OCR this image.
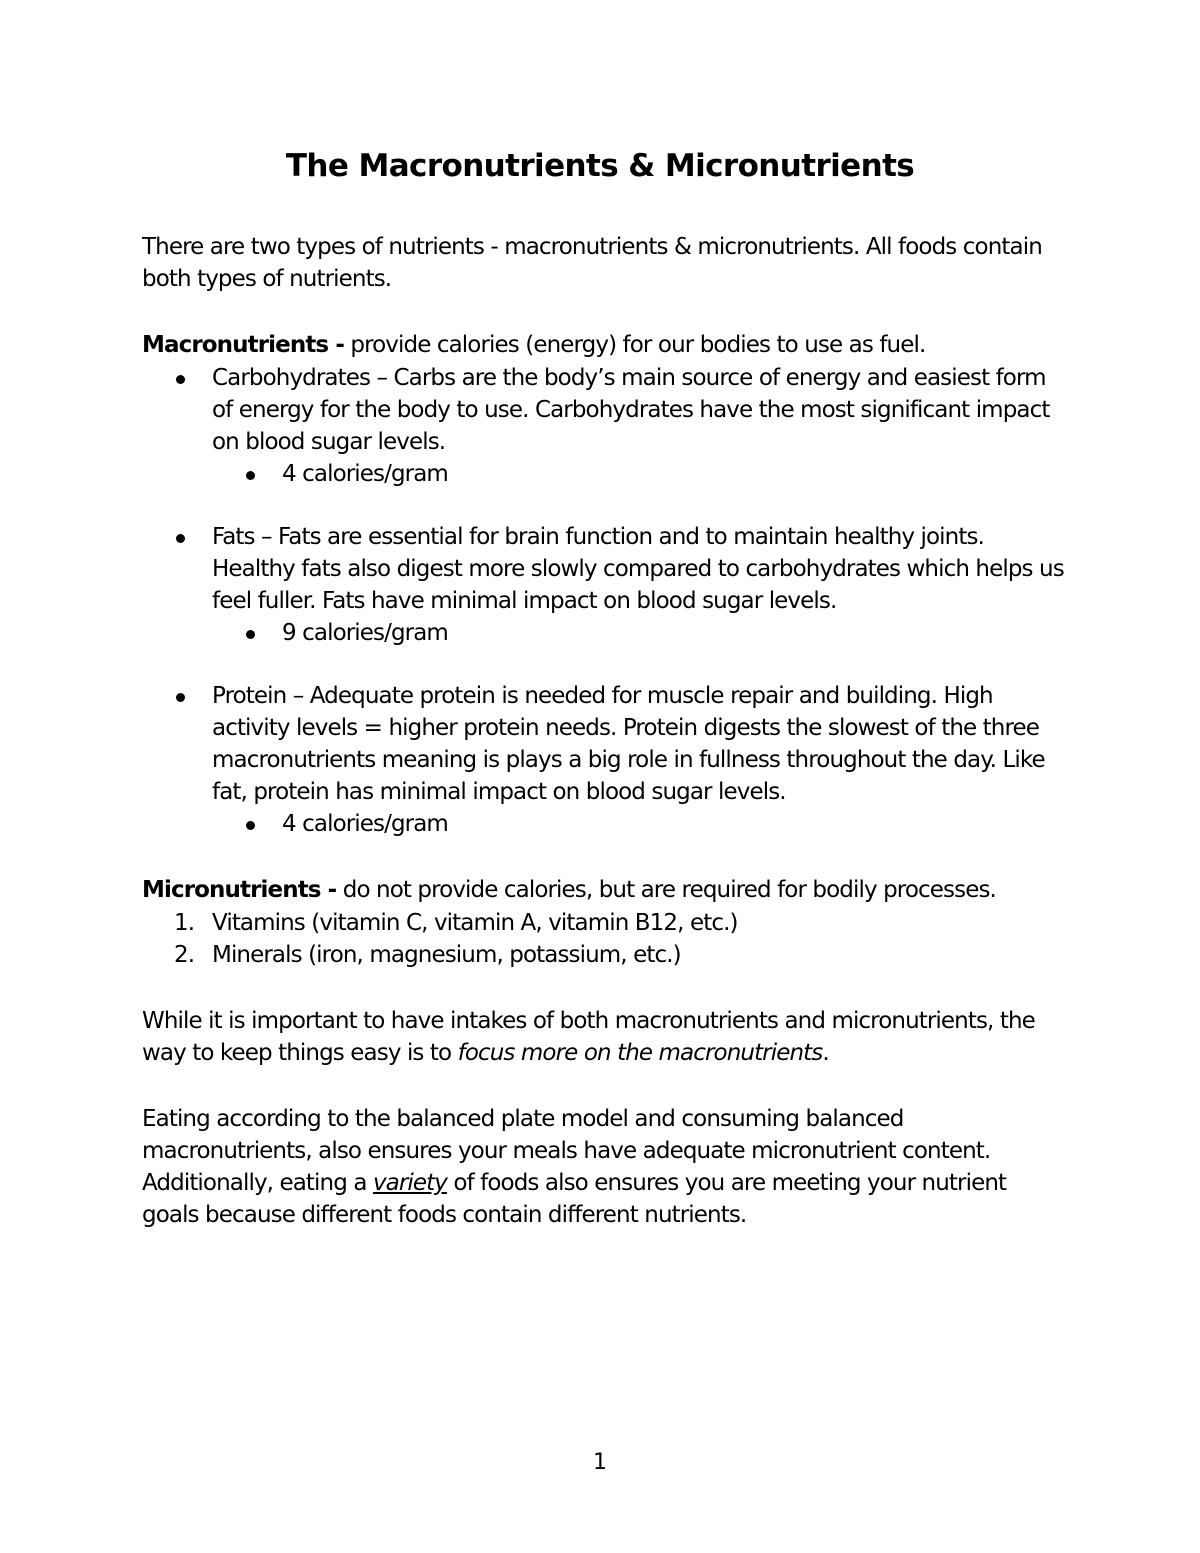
The Macronutrients & Micronutrients

There are two types of nutrients - macronutrients & micronutrients. All foods contain both types of nutrients.

Macronutrients - provide calories (energy) for our bodies to use as fuel.

Carbohydrates – Carbs are the body’s main source of energy and easiest form of energy for the body to use. Carbohydrates have the most significant impact on blood sugar levels.
4 calories/gram
Fats – Fats are essential for brain function and to maintain healthy joints. Healthy fats also digest more slowly compared to carbohydrates which helps us feel fuller. Fats have minimal impact on blood sugar levels.
9 calories/gram
Protein – Adequate protein is needed for muscle repair and building. High activity levels = higher protein needs. Protein digests the slowest of the three macronutrients meaning is plays a big role in fullness throughout the day. Like fat, protein has minimal impact on blood sugar levels.
4 calories/gram

Micronutrients - do not provide calories, but are required for bodily processes.

1. Vitamins (vitamin C, vitamin A, vitamin B12, etc.)
2. Minerals (iron, magnesium, potassium, etc.)

While it is important to have intakes of both macronutrients and micronutrients, the way to keep things easy is to focus more on the macronutrients.

Eating according to the balanced plate model and consuming balanced macronutrients, also ensures your meals have adequate micronutrient content. Additionally, eating a variety of foods also ensures you are meeting your nutrient goals because different foods contain different nutrients.

1
